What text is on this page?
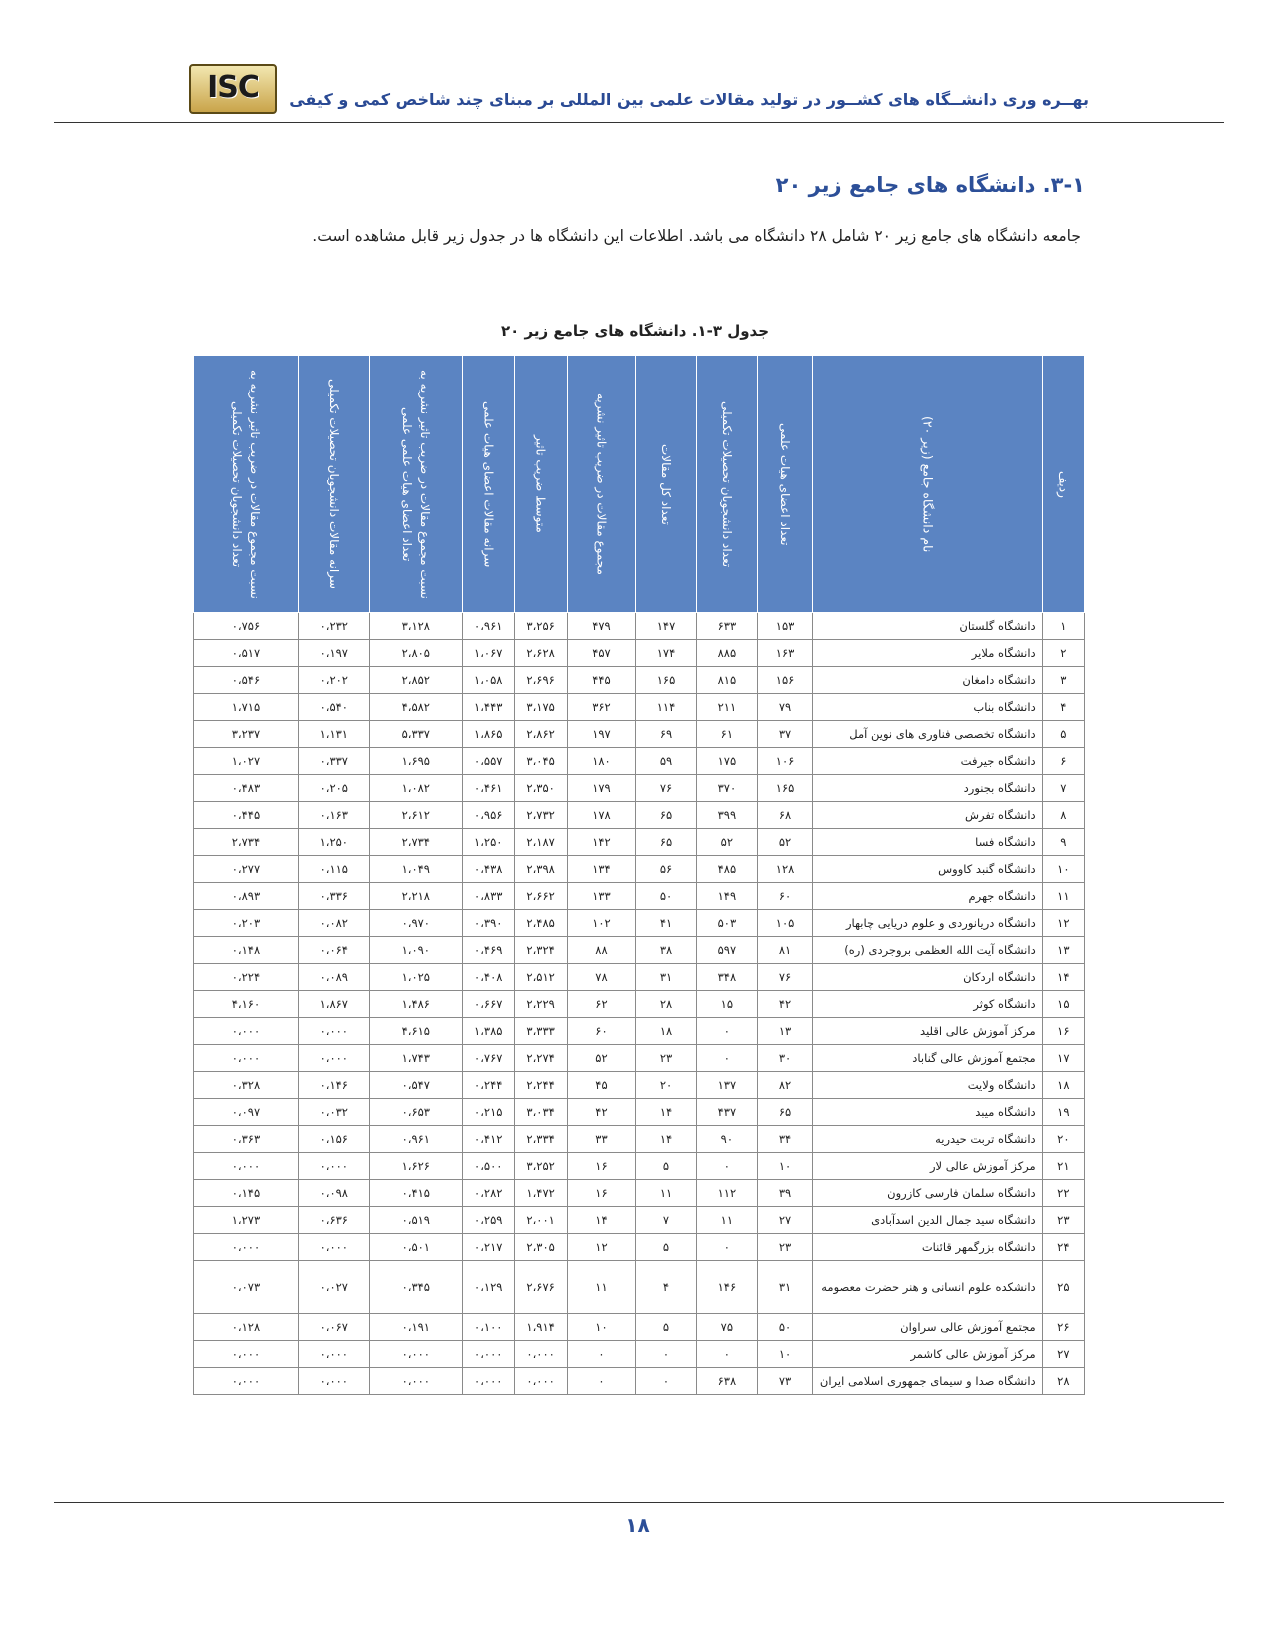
ISC	بهــره وری دانشــگاه های کشــور در تولید مقالات علمی بین المللی بر مبنای چند شاخص کمی و کیفی
۳-۱. دانشگاه های جامع زیر ۲۰
جامعه دانشگاه های جامع زیر ۲۰ شامل ۲۸ دانشگاه می باشد. اطلاعات این دانشگاه ها در جدول زیر قابل مشاهده است.
جدول ۳-۱. دانشگاه های جامع زیر ۲۰
ردیف	نام دانشگاه جامع (زیر ۲۰)	تعداد اعضای هیات علمی	تعداد دانشجویان تحصیلات تکمیلی	تعداد کل مقالات	مجموع مقالات در ضریب تاثیر نشریه	متوسط ضریب تاثیر	سرانه مقالات اعضای هیات علمی	نسبت مجموع مقالات در ضریب تاثیر نشریه به تعداد اعضای هیات علمی علمی	سرانه مقالات دانشجویان تحصیلات تکمیلی	نسبت مجموع مقالات در ضریب تاثیر نشریه به تعداد دانشجویان تحصیلات تکمیلی

۱	دانشگاه گلستان	۱۵۳	۶۳۳	۱۴۷	۴۷۹	۳،۲۵۶	۰،۹۶۱	۳،۱۲۸	۰،۲۳۲	۰،۷۵۶
۲	دانشگاه ملایر	۱۶۳	۸۸۵	۱۷۴	۴۵۷	۲،۶۲۸	۱،۰۶۷	۲،۸۰۵	۰،۱۹۷	۰،۵۱۷
۳	دانشگاه دامغان	۱۵۶	۸۱۵	۱۶۵	۴۴۵	۲،۶۹۶	۱،۰۵۸	۲،۸۵۲	۰،۲۰۲	۰،۵۴۶
۴	دانشگاه بناب	۷۹	۲۱۱	۱۱۴	۳۶۲	۳،۱۷۵	۱،۴۴۳	۴،۵۸۲	۰،۵۴۰	۱،۷۱۵
۵	دانشگاه تخصصی فناوری های نوین آمل	۳۷	۶۱	۶۹	۱۹۷	۲،۸۶۲	۱،۸۶۵	۵،۳۳۷	۱،۱۳۱	۳،۲۳۷
۶	دانشگاه جیرفت	۱۰۶	۱۷۵	۵۹	۱۸۰	۳،۰۴۵	۰،۵۵۷	۱،۶۹۵	۰،۳۳۷	۱،۰۲۷
۷	دانشگاه بجنورد	۱۶۵	۳۷۰	۷۶	۱۷۹	۲،۳۵۰	۰،۴۶۱	۱،۰۸۲	۰،۲۰۵	۰،۴۸۳
۸	دانشگاه تفرش	۶۸	۳۹۹	۶۵	۱۷۸	۲،۷۳۲	۰،۹۵۶	۲،۶۱۲	۰،۱۶۳	۰،۴۴۵
۹	دانشگاه فسا	۵۲	۵۲	۶۵	۱۴۲	۲،۱۸۷	۱،۲۵۰	۲،۷۳۴	۱،۲۵۰	۲،۷۳۴
۱۰	دانشگاه گنبد کاووس	۱۲۸	۴۸۵	۵۶	۱۳۴	۲،۳۹۸	۰،۴۳۸	۱،۰۴۹	۰،۱۱۵	۰،۲۷۷
۱۱	دانشگاه جهرم	۶۰	۱۴۹	۵۰	۱۳۳	۲،۶۶۲	۰،۸۳۳	۲،۲۱۸	۰،۳۳۶	۰،۸۹۳
۱۲	دانشگاه دریانوردی و علوم دریایی چابهار	۱۰۵	۵۰۳	۴۱	۱۰۲	۲،۴۸۵	۰،۳۹۰	۰،۹۷۰	۰،۰۸۲	۰،۲۰۳
۱۳	دانشگاه آیت الله العظمی بروجردی (ره)	۸۱	۵۹۷	۳۸	۸۸	۲،۳۲۴	۰،۴۶۹	۱،۰۹۰	۰،۰۶۴	۰،۱۴۸
۱۴	دانشگاه اردکان	۷۶	۳۴۸	۳۱	۷۸	۲،۵۱۲	۰،۴۰۸	۱،۰۲۵	۰،۰۸۹	۰،۲۲۴
۱۵	دانشگاه کوثر	۴۲	۱۵	۲۸	۶۲	۲،۲۲۹	۰،۶۶۷	۱،۴۸۶	۱،۸۶۷	۴،۱۶۰
۱۶	مرکز آموزش عالی اقلید	۱۳	۰	۱۸	۶۰	۳،۳۳۳	۱،۳۸۵	۴،۶۱۵	۰،۰۰۰	۰،۰۰۰
۱۷	مجتمع آموزش عالی گناباد	۳۰	۰	۲۳	۵۲	۲،۲۷۴	۰،۷۶۷	۱،۷۴۳	۰،۰۰۰	۰،۰۰۰
۱۸	دانشگاه ولایت	۸۲	۱۳۷	۲۰	۴۵	۲،۲۴۴	۰،۲۴۴	۰،۵۴۷	۰،۱۴۶	۰،۳۲۸
۱۹	دانشگاه میبد	۶۵	۴۳۷	۱۴	۴۲	۳،۰۳۴	۰،۲۱۵	۰،۶۵۳	۰،۰۳۲	۰،۰۹۷
۲۰	دانشگاه تربت حیدریه	۳۴	۹۰	۱۴	۳۳	۲،۳۳۴	۰،۴۱۲	۰،۹۶۱	۰،۱۵۶	۰،۳۶۳
۲۱	مرکز آموزش عالی لار	۱۰	۰	۵	۱۶	۳،۲۵۲	۰،۵۰۰	۱،۶۲۶	۰،۰۰۰	۰،۰۰۰
۲۲	دانشگاه سلمان فارسی کازرون	۳۹	۱۱۲	۱۱	۱۶	۱،۴۷۲	۰،۲۸۲	۰،۴۱۵	۰،۰۹۸	۰،۱۴۵
۲۳	دانشگاه سید جمال الدین اسدآبادی	۲۷	۱۱	۷	۱۴	۲،۰۰۱	۰،۲۵۹	۰،۵۱۹	۰،۶۳۶	۱،۲۷۳
۲۴	دانشگاه بزرگمهر قائنات	۲۳	۰	۵	۱۲	۲،۳۰۵	۰،۲۱۷	۰،۵۰۱	۰،۰۰۰	۰،۰۰۰
۲۵	دانشکده علوم انسانی و هنر حضرت معصومه	۳۱	۱۴۶	۴	۱۱	۲،۶۷۶	۰،۱۲۹	۰،۳۴۵	۰،۰۲۷	۰،۰۷۳
۲۶	مجتمع آموزش عالی سراوان	۵۰	۷۵	۵	۱۰	۱،۹۱۴	۰،۱۰۰	۰،۱۹۱	۰،۰۶۷	۰،۱۲۸
۲۷	مرکز آموزش عالی کاشمر	۱۰	۰	۰	۰	۰،۰۰۰	۰،۰۰۰	۰،۰۰۰	۰،۰۰۰	۰،۰۰۰
۲۸	دانشگاه صدا و سیمای جمهوری اسلامی ایران	۷۳	۶۳۸	۰	۰	۰،۰۰۰	۰،۰۰۰	۰،۰۰۰	۰،۰۰۰	۰،۰۰۰
۱۸
